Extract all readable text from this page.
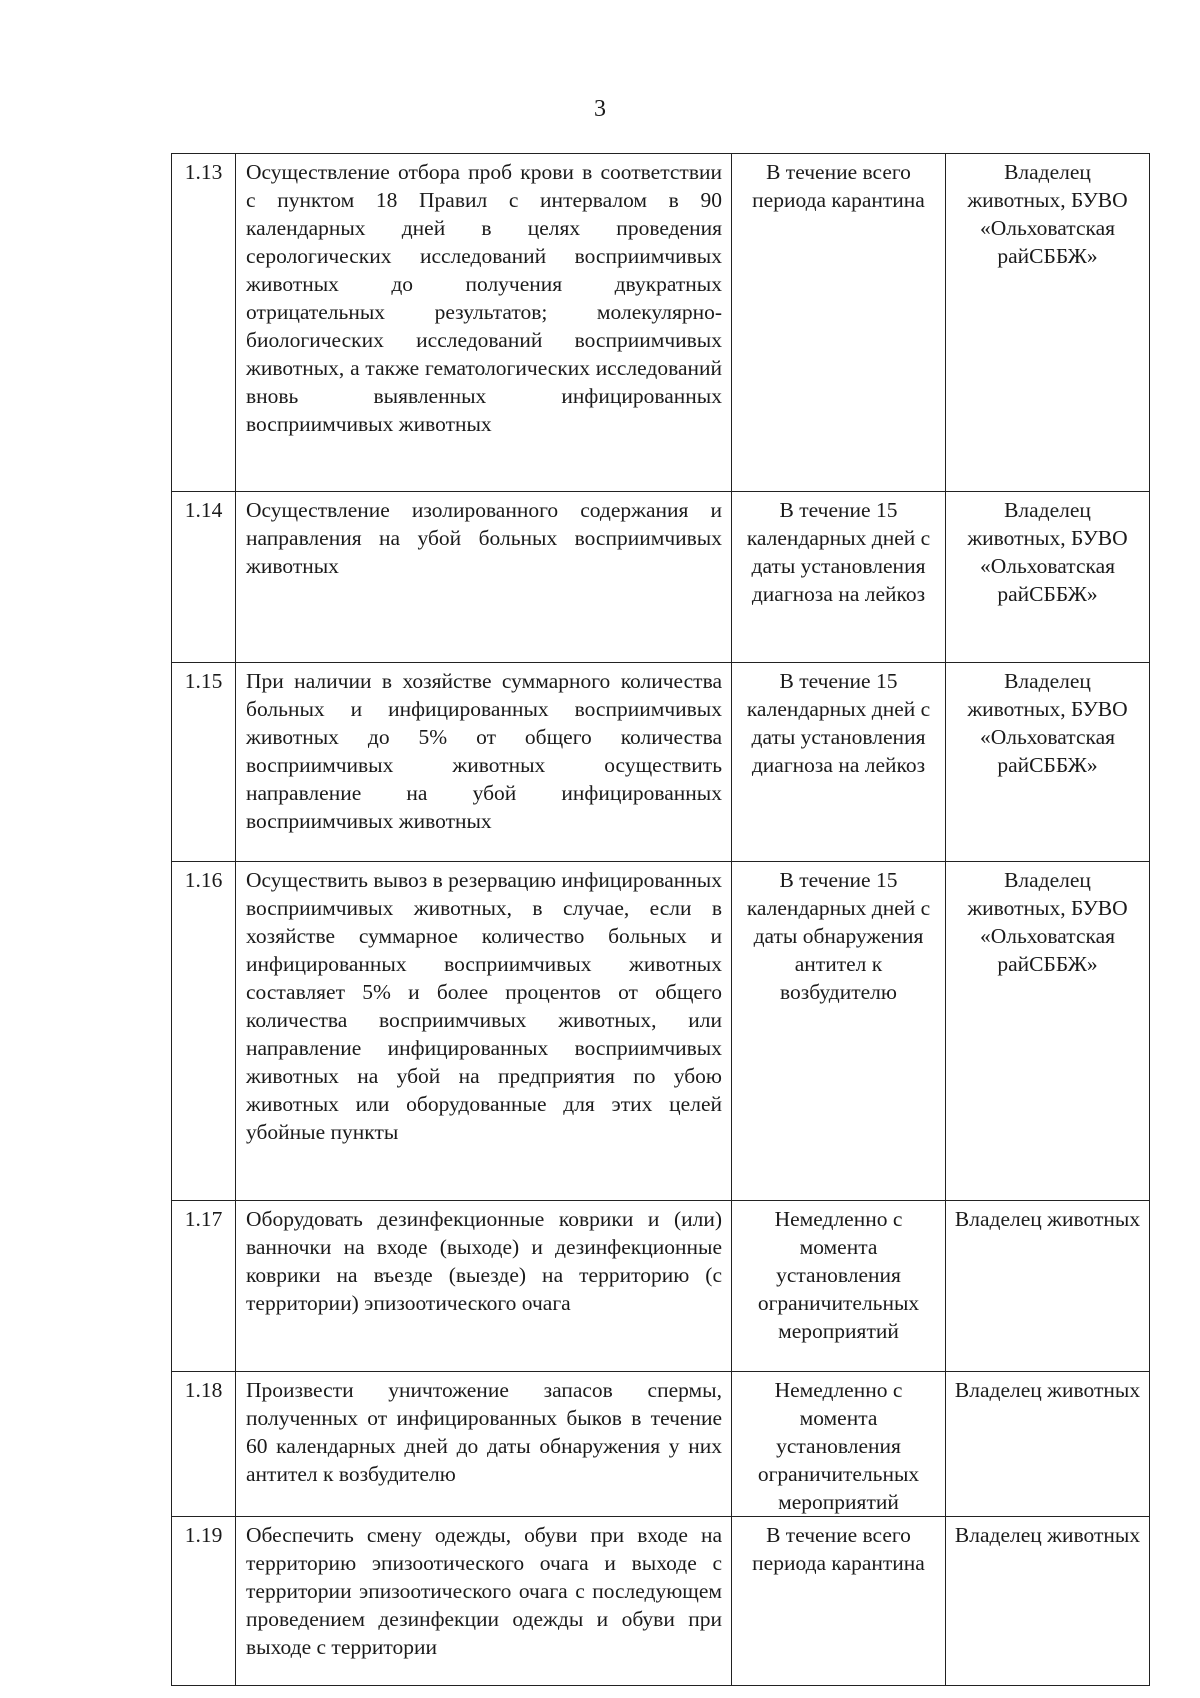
3
1.13	Осуществление отбора проб крови в соответствии с пунктом 18 Правил с интервалом в 90 календарных дней в целях проведения серологических исследований восприимчивых животных до получения двукратных отрицательных результатов; молекулярно-биологических исследований восприимчивых животных, а также гематологических исследований вновь выявленных инфицированных восприимчивых животных	В течение всего периода карантина	Владелец животных, БУВО «Ольховатская райСББЖ»
1.14	Осуществление изолированного содержания и направления на убой больных восприимчивых животных	В течение 15 календарных дней с даты установления диагноза на лейкоз	Владелец животных, БУВО «Ольховатская райСББЖ»
1.15	При наличии в хозяйстве суммарного количества больных и инфицированных восприимчивых животных до 5% от общего количества восприимчивых животных осуществить направление на убой инфицированных восприимчивых животных	В течение 15 календарных дней с даты установления диагноза на лейкоз	Владелец животных, БУВО «Ольховатская райСББЖ»
1.16	Осуществить вывоз в резервацию инфицированных восприимчивых животных, в случае, если в хозяйстве суммарное количество больных и инфицированных восприимчивых животных составляет 5% и более процентов от общего количества восприимчивых животных, или направление инфицированных восприимчивых животных на убой на предприятия по убою животных или оборудованные для этих целей убойные пункты	В течение 15 календарных дней с даты обнаружения антител к возбудителю	Владелец животных, БУВО «Ольховатская райСББЖ»
1.17	Оборудовать дезинфекционные коврики и (или) ванночки на входе (выходе) и дезинфекционные коврики на въезде (выезде) на территорию (с территории) эпизоотического очага	Немедленно с момента установления ограничительных мероприятий	Владелец животных
1.18	Произвести уничтожение запасов спермы, полученных от инфицированных быков в течение 60 календарных дней до даты обнаружения у них антител к возбудителю	Немедленно с момента установления ограничительных мероприятий	Владелец животных
1.19	Обеспечить смену одежды, обуви при входе на территорию эпизоотического очага и выходе с территории эпизоотического очага с последующем проведением дезинфекции одежды и обуви при выходе с территории	В течение всего периода карантина	Владелец животных
